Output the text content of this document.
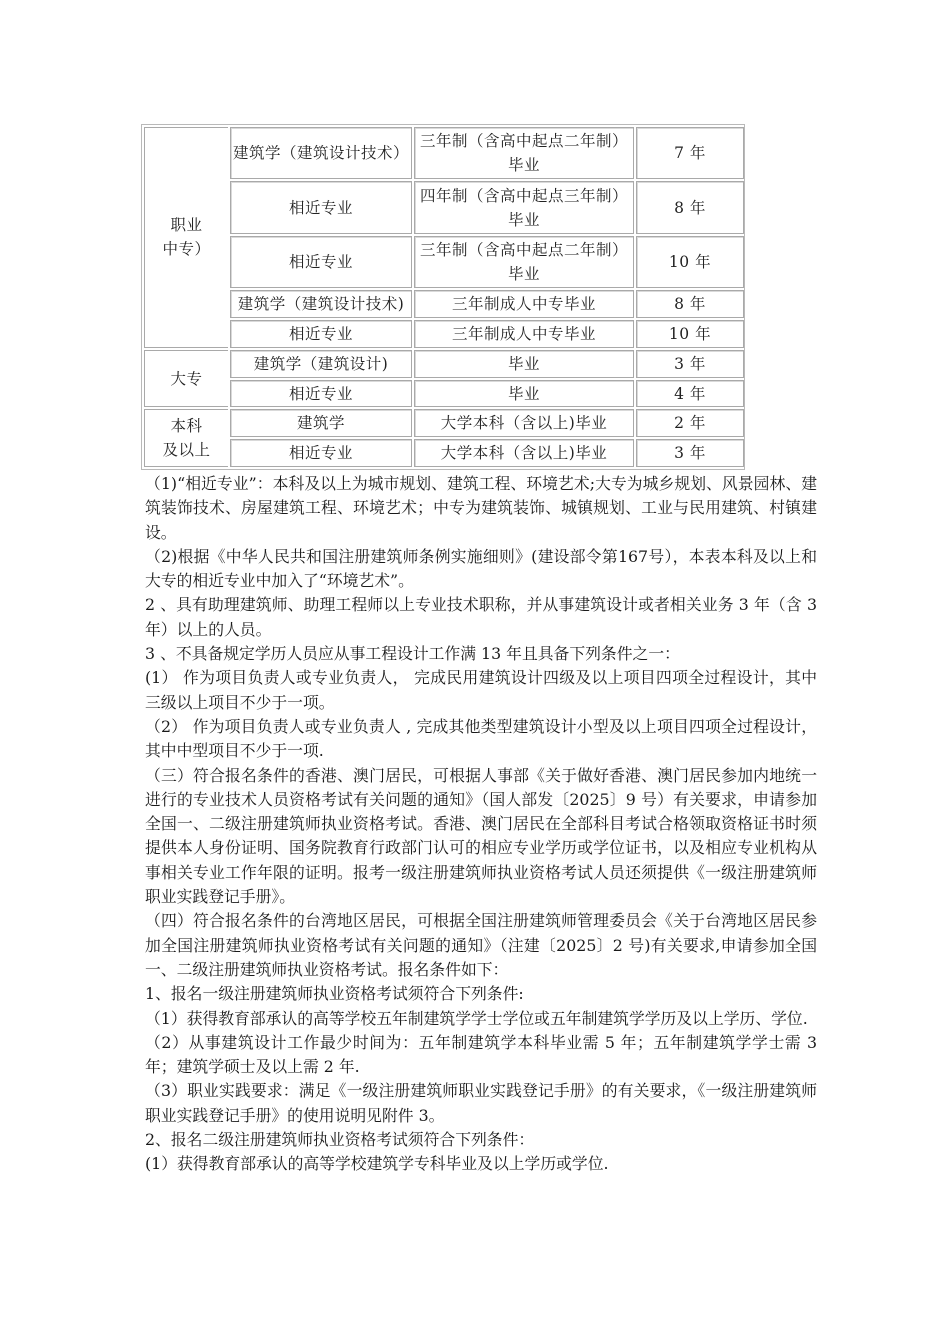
职业
中专）	建筑学（建筑设计技术）	三年制（含高中起点二年制）毕业	7 年
	相近专业	四年制（含高中起点三年制）毕业	8 年
	相近专业	三年制（含高中起点二年制）毕业	10 年
	建筑学（建筑设计技术)	三年制成人中专毕业	8 年
	相近专业	三年制成人中专毕业	10 年
大专	建筑学（建筑设计)	毕业	3 年
	相近专业	毕业	4 年
本科
及以上	建筑学	大学本科（含以上)毕业	2 年
	相近专业	大学本科（含以上)毕业	3 年

（1)“相近专业”：本科及以上为城市规划、建筑工程、环境艺术;大专为城乡规划、风景园林、建筑装饰技术、房屋建筑工程、环境艺术；中专为建筑装饰、城镇规划、工业与民用建筑、村镇建设。

（2)根据《中华人民共和国注册建筑师条例实施细则》(建设部令第167号），本表本科及以上和大专的相近专业中加入了“环境艺术”。

2 、具有助理建筑师、助理工程师以上专业技术职称，并从事建筑设计或者相关业务 3 年（含 3 年）以上的人员。

3 、不具备规定学历人员应从事工程设计工作满 13 年且具备下列条件之一：

(1） 作为项目负责人或专业负责人， 完成民用建筑设计四级及以上项目四项全过程设计，其中三级以上项目不少于一项。

（2） 作为项目负责人或专业负责人 , 完成其他类型建筑设计小型及以上项目四项全过程设计，其中中型项目不少于一项.

（三）符合报名条件的香港、澳门居民，可根据人事部《关于做好香港、澳门居民参加内地统一进行的专业技术人员资格考试有关问题的通知》（国人部发〔2025〕9 号）有关要求，申请参加全国一、二级注册建筑师执业资格考试。香港、澳门居民在全部科目考试合格领取资格证书时须提供本人身份证明、国务院教育行政部门认可的相应专业学历或学位证书，以及相应专业机构从事相关专业工作年限的证明。报考一级注册建筑师执业资格考试人员还须提供《一级注册建筑师职业实践登记手册》。

（四）符合报名条件的台湾地区居民，可根据全国注册建筑师管理委员会《关于台湾地区居民参加全国注册建筑师执业资格考试有关问题的通知》（注建〔2025〕2 号)有关要求,申请参加全国一、二级注册建筑师执业资格考试。报名条件如下：

1、报名一级注册建筑师执业资格考试须符合下列条件:

（1）获得教育部承认的高等学校五年制建筑学学士学位或五年制建筑学学历及以上学历、学位.

（2）从事建筑设计工作最少时间为：五年制建筑学本科毕业需 5 年；五年制建筑学学士需 3 年；建筑学硕士及以上需 2 年.

（3）职业实践要求：满足《一级注册建筑师职业实践登记手册》的有关要求，《一级注册建筑师职业实践登记手册》的使用说明见附件 3。

2、报名二级注册建筑师执业资格考试须符合下列条件：

(1）获得教育部承认的高等学校建筑学专科毕业及以上学历或学位.
